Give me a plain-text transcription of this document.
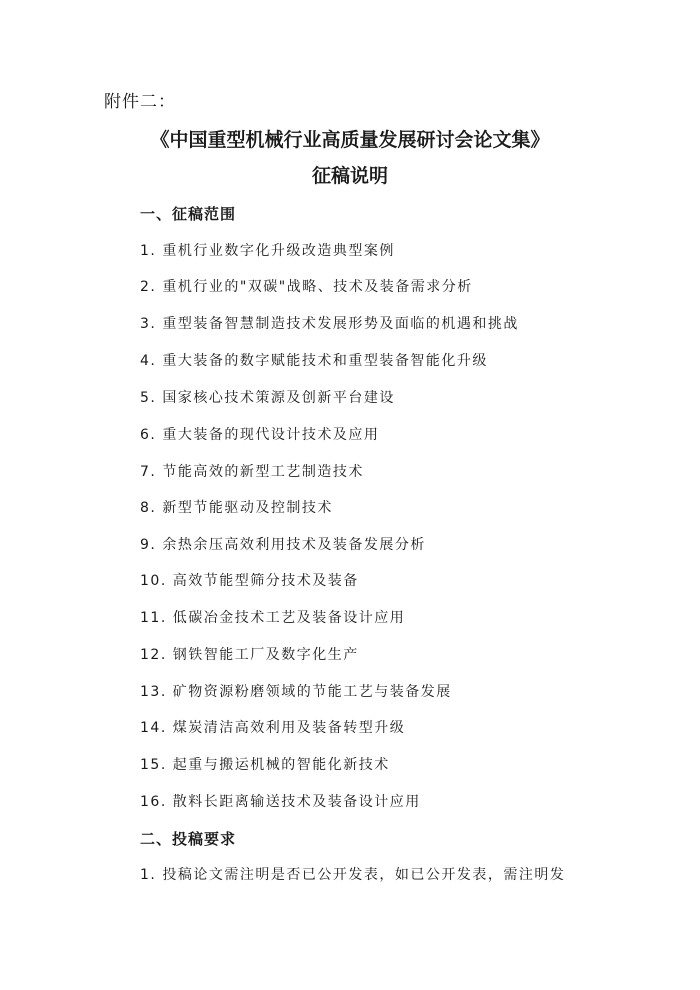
附件二：
《中国重型机械行业高质量发展研讨会论文集》
征稿说明
一、征稿范围
1. 重机行业数字化升级改造典型案例
2. 重机行业的"双碳"战略、技术及装备需求分析
3. 重型装备智慧制造技术发展形势及面临的机遇和挑战
4. 重大装备的数字赋能技术和重型装备智能化升级
5. 国家核心技术策源及创新平台建设
6. 重大装备的现代设计技术及应用
7. 节能高效的新型工艺制造技术
8. 新型节能驱动及控制技术
9. 余热余压高效利用技术及装备发展分析
10. 高效节能型筛分技术及装备
11. 低碳冶金技术工艺及装备设计应用
12. 钢铁智能工厂及数字化生产
13. 矿物资源粉磨领域的节能工艺与装备发展
14. 煤炭清洁高效利用及装备转型升级
15. 起重与搬运机械的智能化新技术
16. 散料长距离输送技术及装备设计应用
二、投稿要求
1. 投稿论文需注明是否已公开发表，如已公开发表，需注明发
